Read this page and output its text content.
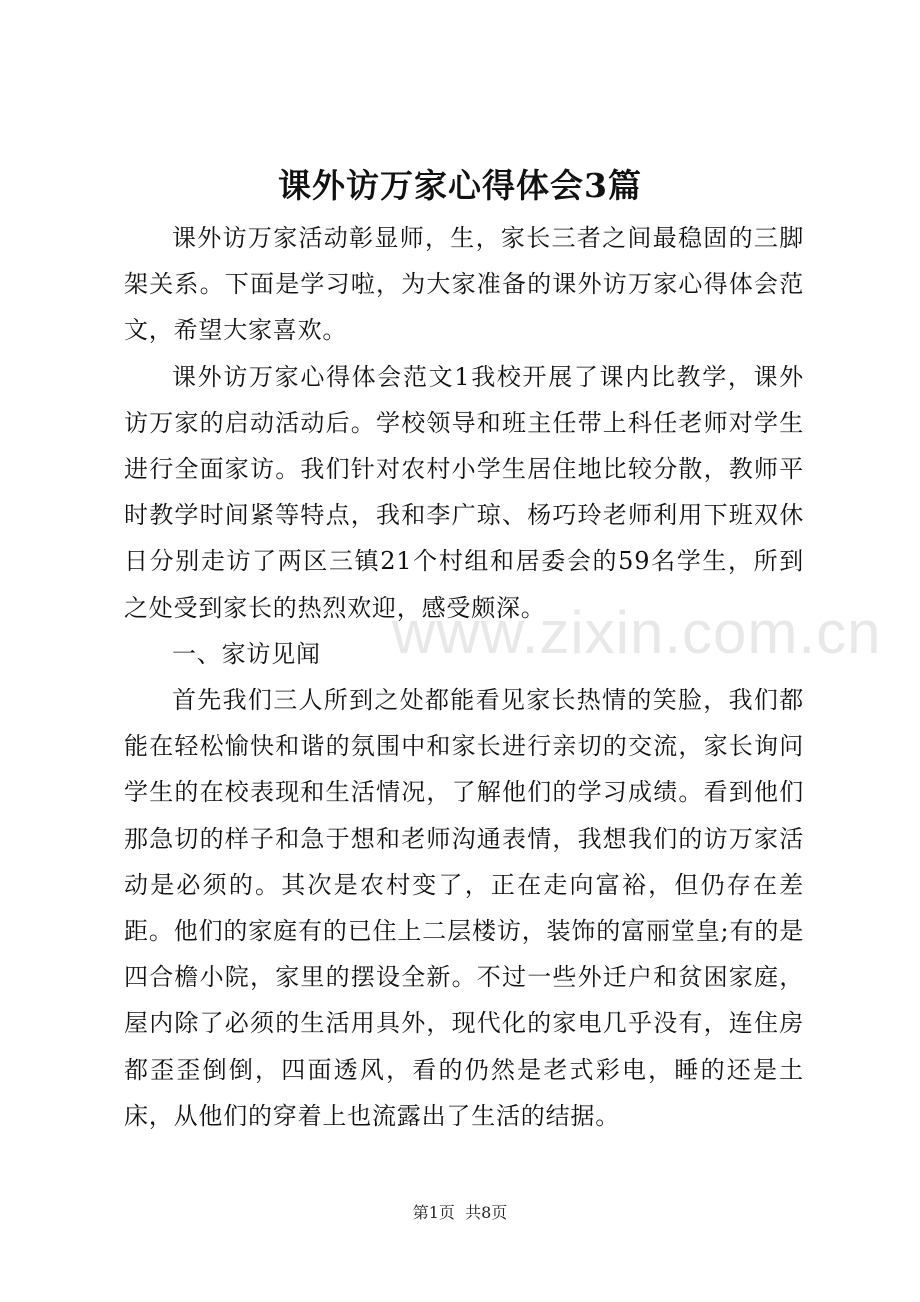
课外访万家心得体会3篇

课外访万家活动彰显师，生，家长三者之间最稳固的三脚架关系。下面是学习啦，为大家准备的课外访万家心得体会范文，希望大家喜欢。

课外访万家心得体会范文1我校开展了课内比教学，课外访万家的启动活动后。学校领导和班主任带上科任老师对学生进行全面家访。我们针对农村小学生居住地比较分散，教师平时教学时间紧等特点，我和李广琼、杨巧玲老师利用下班双休日分别走访了两区三镇21个村组和居委会的59名学生，所到之处受到家长的热烈欢迎，感受颇深。

一、家访见闻

首先我们三人所到之处都能看见家长热情的笑脸，我们都能在轻松愉快和谐的氛围中和家长进行亲切的交流，家长询问学生的在校表现和生活情况，了解他们的学习成绩。看到他们那急切的样子和急于想和老师沟通表情，我想我们的访万家活动是必须的。其次是农村变了，正在走向富裕，但仍存在差距。他们的家庭有的已住上二层楼访，装饰的富丽堂皇;有的是四合檐小院，家里的摆设全新。不过一些外迁户和贫困家庭，屋内除了必须的生活用具外，现代化的家电几乎没有，连住房都歪歪倒倒，四面透风，看的仍然是老式彩电，睡的还是土床，从他们的穿着上也流露出了生活的结据。

www.zixin.com.cn
第1页  共8页
